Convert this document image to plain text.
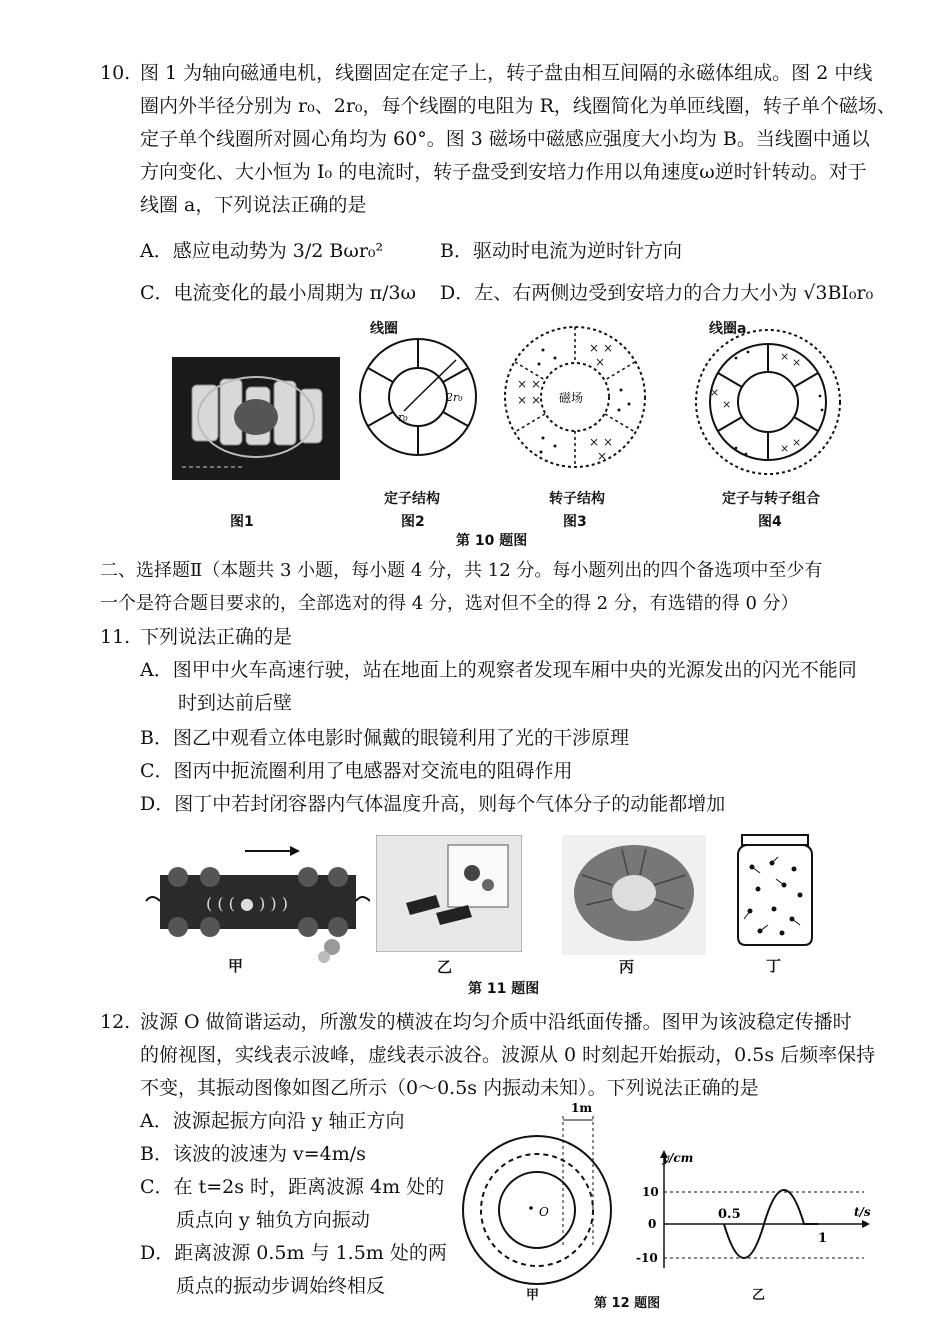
10. 图 1 为轴向磁通电机，线圈固定在定子上，转子盘由相互间隔的永磁体组成。图 2 中线
圈内外半径分别为 r₀、2r₀，每个线圈的电阻为 R，线圈简化为单匝线圈，转子单个磁场、
定子单个线圈所对圆心角均为 60°。图 3 磁场中磁感应强度大小均为 B。当线圈中通以
方向变化、大小恒为 I₀ 的电流时，转子盘受到安培力作用以角速度ω逆时针转动。对于
线圈 a，下列说法正确的是
A．感应电动势为 3/2 Bωr₀²	B．驱动时电流为逆时针方向
C．电流变化的最小周期为 π/3ω D．左、右两侧边受到安培力的合力大小为 √3BI₀r₀
图1
线圈
2r₀
r₀
定子结构
图2
× ×
×
× ×
× ×
× ×
×
磁场
转子结构
图3
线圈a
× ×
×
×
× ×
定子与转子组合
图4
第 10 题图
二、选择题Ⅱ（本题共 3 小题，每小题 4 分，共 12 分。每小题列出的四个备选项中至少有
一个是符合题目要求的，全部选对的得 4 分，选对但不全的得 2 分，有选错的得 0 分）
11. 下列说法正确的是
A．图甲中火车高速行驶，站在地面上的观察者发现车厢中央的光源发出的闪光不能同
时到达前后壁
B．图乙中观看立体电影时佩戴的眼镜利用了光的干涉原理
C．图丙中扼流圈利用了电感器对交流电的阻碍作用
D．图丁中若封闭容器内气体温度升高，则每个气体分子的动能都增加
( ( ( ● ) ) )
甲	乙	丙	丁
第 11 题图
12. 波源 O 做简谐运动，所激发的横波在均匀介质中沿纸面传播。图甲为该波稳定传播时
的俯视图，实线表示波峰，虚线表示波谷。波源从 0 时刻起开始振动，0.5s 后频率保持
不变，其振动图像如图乙所示（0～0.5s 内振动未知）。下列说法正确的是
A．波源起振方向沿 y 轴正方向
B．该波的波速为 v=4m/s
C．在 t=2s 时，距离波源 4m 处的
质点向 y 轴负方向振动
D．距离波源 0.5m 与 1.5m 处的两
质点的振动步调始终相反
1m
O
甲
y/cm
t/s
10
0
-10
0.5
1
乙
第 12 题图
